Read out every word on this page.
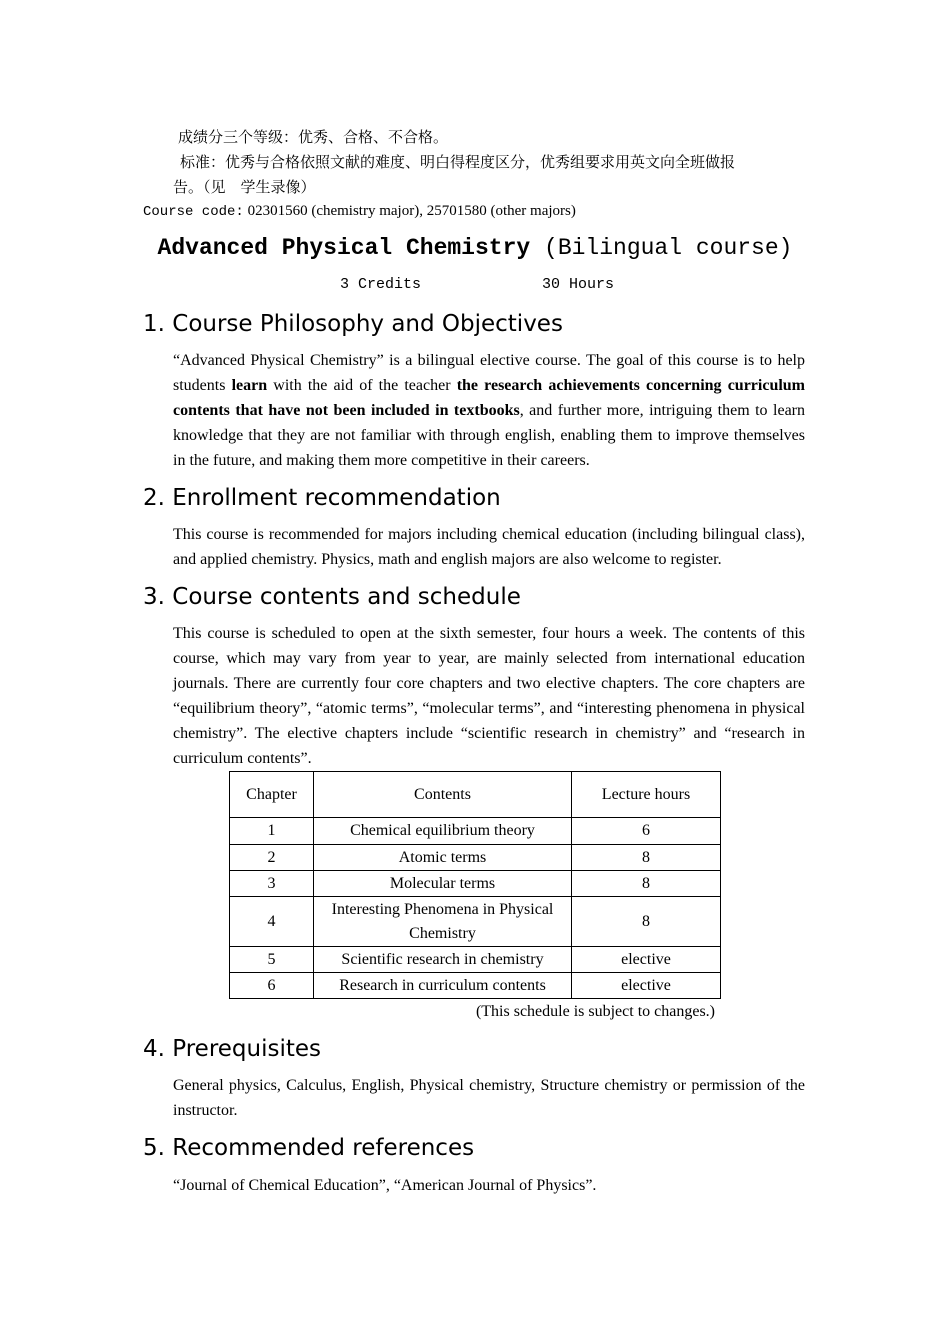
成绩分三个等级：优秀、合格、不合格。
标准：优秀与合格依照文献的难度、明白得程度区分，优秀组要求用英文向全班做报
告。（见　学生录像）
Course code: 02301560 (chemistry major), 25701580 (other majors)
Advanced Physical Chemistry (Bilingual course)
3 Credits	30 Hours
1. Course Philosophy and Objectives

“Advanced Physical Chemistry” is a bilingual elective course. The goal of this course is to help students learn with the aid of the teacher the research achievements concerning curriculum contents that have not been included in textbooks, and further more, intriguing them to learn knowledge that they are not familiar with through english, enabling them to improve themselves in the future, and making them more competitive in their careers.

2. Enrollment recommendation

This course is recommended for majors including chemical education (including bilingual class), and applied chemistry. Physics, math and english majors are also welcome to register.

3. Course contents and schedule

This course is scheduled to open at the sixth semester, four hours a week. The contents of this course, which may vary from year to year, are mainly selected from international education journals. There are currently four core chapters and two elective chapters. The core chapters are “equilibrium theory”, “atomic terms”, “molecular terms”, and “interesting phenomena in physical chemistry”. The elective chapters include “scientific research in chemistry” and “research in curriculum contents”.

Chapter	Contents	Lecture hours
1	Chemical equilibrium theory	6
2	Atomic terms	8
3	Molecular terms	8
4	Interesting Phenomena in Physical Chemistry	8
5	Scientific research in chemistry	elective
6	Research in curriculum contents	elective
(This schedule is subject to changes.)
4. Prerequisites

General physics, Calculus, English, Physical chemistry, Structure chemistry or permission of the instructor.

5. Recommended references

“Journal of Chemical Education”, “American Journal of Physics”.
